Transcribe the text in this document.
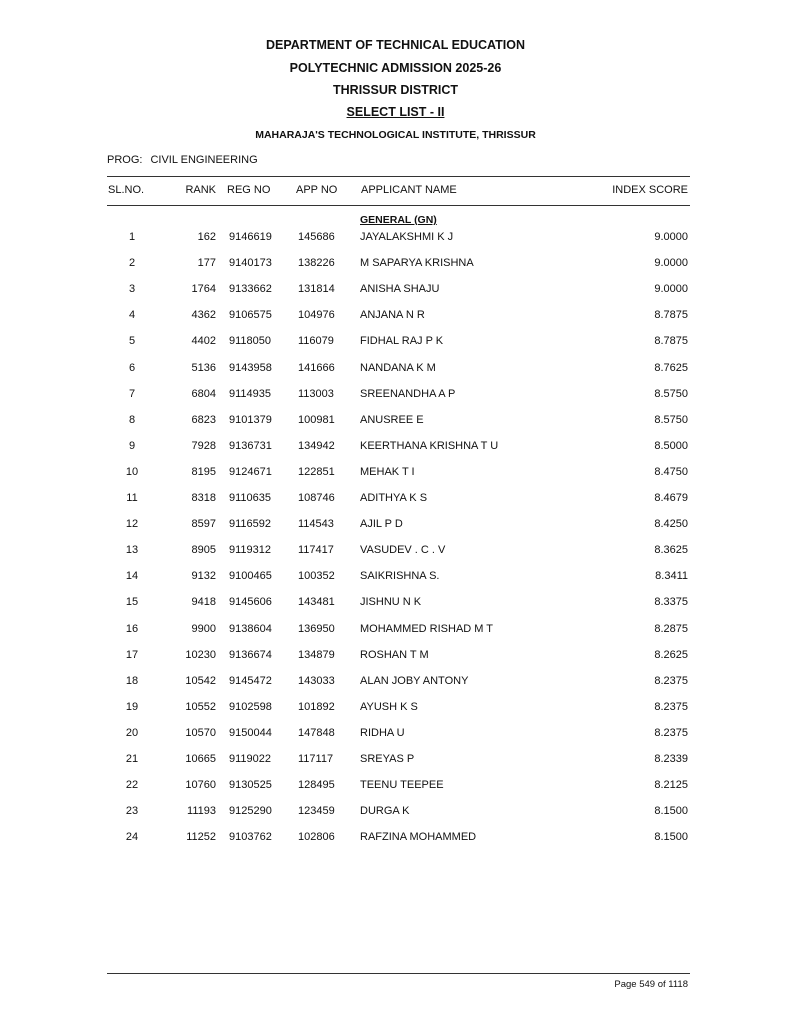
DEPARTMENT OF TECHNICAL EDUCATION
POLYTECHNIC ADMISSION 2025-26
THRISSUR DISTRICT
SELECT LIST - II
MAHARAJA'S TECHNOLOGICAL INSTITUTE, THRISSUR
PROG: CIVIL ENGINEERING
SL.NO.	RANK REG NO APP NO APPLICANT NAME	INDEX SCORE
GENERAL (GN)
1	162 9146619 145686 JAYALAKSHMI K J	9.0000
2	177 9140173 138226 M SAPARYA KRISHNA	9.0000
3	1764 9133662 131814 ANISHA SHAJU	9.0000
4	4362 9106575 104976 ANJANA N R	8.7875
5	4402 9118050 116079 FIDHAL RAJ P K	8.7875
6	5136 9143958 141666 NANDANA K M	8.7625
7	6804 9114935 113003 SREENANDHA A P	8.5750
8	6823 9101379 100981 ANUSREE E	8.5750
9	7928 9136731 134942 KEERTHANA KRISHNA T U	8.5000
10	8195 9124671 122851 MEHAK T I	8.4750
11	8318 9110635 108746 ADITHYA K S	8.4679
12	8597 9116592 114543 AJIL P D	8.4250
13	8905 9119312 117417 VASUDEV . C . V	8.3625
14	9132 9100465 100352 SAIKRISHNA S.	8.3411
15	9418 9145606 143481 JISHNU N K	8.3375
16	9900 9138604 136950 MOHAMMED RISHAD M T	8.2875
17	10230 9136674 134879 ROSHAN T M	8.2625
18	10542 9145472 143033 ALAN JOBY ANTONY	8.2375
19	10552 9102598 101892 AYUSH K S	8.2375
20	10570 9150044 147848 RIDHA U	8.2375
21	10665 9119022 117117 SREYAS P	8.2339
22	10760 9130525 128495 TEENU TEEPEE	8.2125
23	11193 9125290 123459 DURGA K	8.1500
24	11252 9103762 102806 RAFZINA MOHAMMED	8.1500
Page 549 of 1118
